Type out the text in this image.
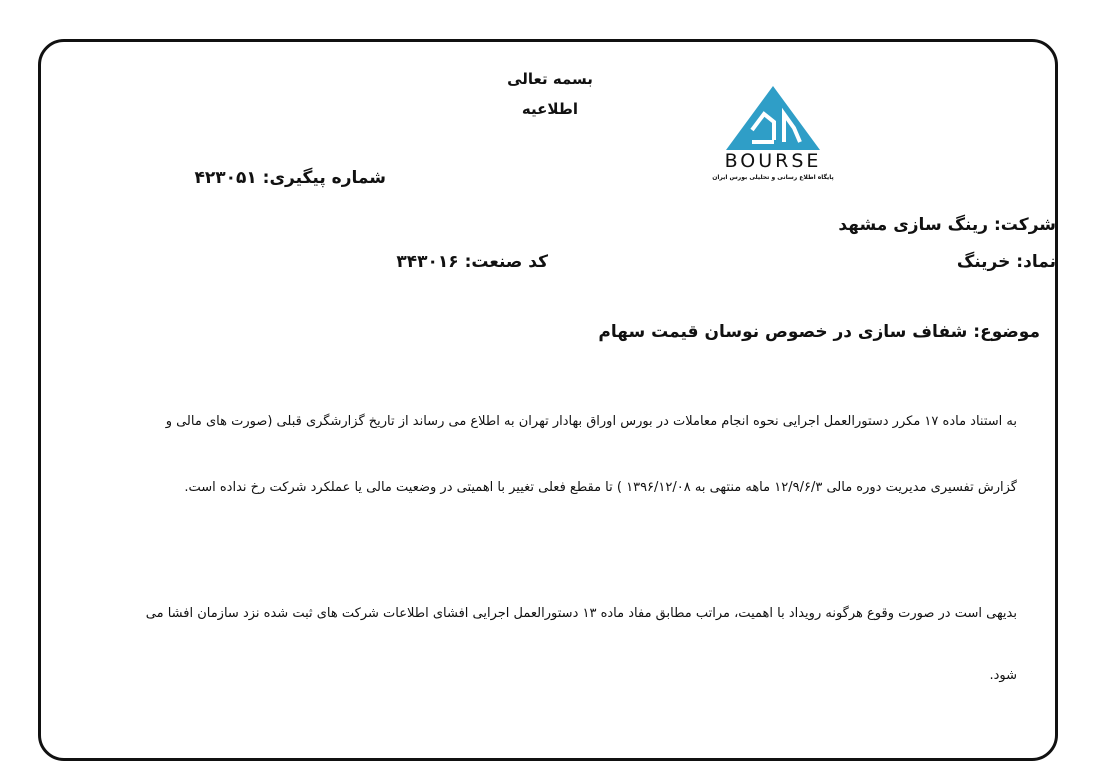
بسمه تعالی
اطلاعیه
شماره پیگیری: ۴۲۳۰۵۱
BOURSE
پایگاه اطلاع رسانی و تحلیلی بورس ایران
شرکت: رینگ سازی مشهد
نماد: خرینگ
کد صنعت: ۳۴۳۰۱۶
موضوع: شفاف سازی در خصوص نوسان قیمت سهام
به استناد ماده ۱۷ مکرر دستورالعمل اجرایی نحوه انجام معاملات در بورس اوراق بهادار تهران به اطلاع می رساند از تاریخ گزارشگری قبلی (صورت های مالی و
گزارش تفسیری مدیریت دوره مالی ۱۲/۹/۶/۳ ماهه منتهی به ۱۳۹۶/۱۲/۰۸ ) تا مقطع فعلی تغییر با اهمیتی در وضعیت مالی یا عملکرد شرکت رخ نداده است.
بدیهی است در صورت وقوع هرگونه رویداد با اهمیت، مراتب مطابق مفاد ماده ۱۳ دستورالعمل اجرایی افشای اطلاعات شرکت های ثبت شده نزد سازمان افشا می
شود.
